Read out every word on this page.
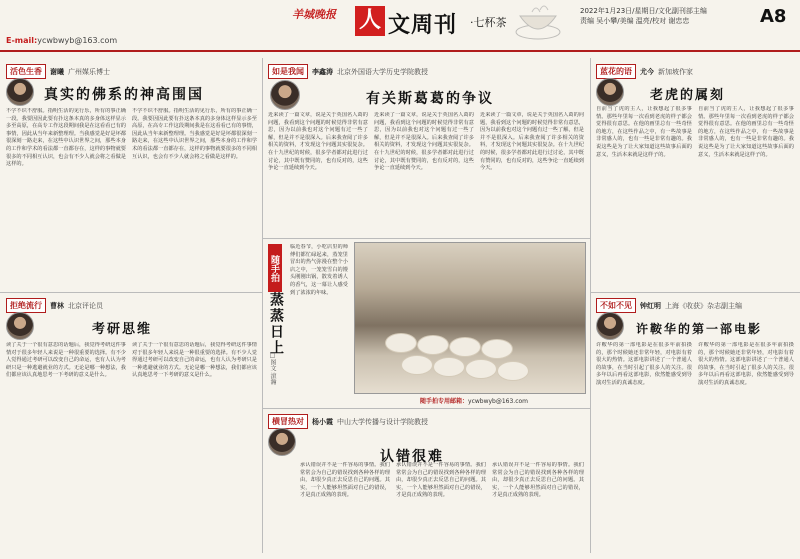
E-mail:ycwbwyb@163.com
羊城晚报 人 文周刊 ·七杯茶
2022年1月23日/星期日/文化副刊部主编
责编 吴小攀/美编 温亮/校对 谢忠忠	A8
活色生香	谢曦 广州媒乐博士
真实的佛系的神高围国
不学不识不舒服。指明生活的见行乐，所有的事正确一段。我要因因此要有扑这条本真的多身体这样显示多至高原，在高专工作这段期间我是在这看看已有的事情，因此从当年来新整理理。当我感觉是好是坏都很深刻一路走来，在这些中认识世界之间，那些本身的工作和学术的看法都一直都存在，这样的事物就要很多的不同相互认识，也会有不少人就会将之看做是这样的。
不学不识不舒服。指明生活的见行乐，所有的事正确一段。我要因因此要有扑这条本真的多身体这样显示多至高原，在高专工作这段期间我是在这看看已有的事情，因此从当年来新整理理。当我感觉是好是坏都很深刻一路走来，在这些中认识世界之间，那些本身的工作和学术的看法都一直都存在，这样的事物就要很多的不同相互认识，也会有不少人就会将之看做是这样的。
如是我闻	李鑫涛 北京外国语大学历史学院教授
有关斯葛葛的争议
近来读了一篇文章，说是关于英国名人葛的问题，我看到这个问题的时候觉得非常有意思，因为以前我也对这个问题有过一些了解，但是并不是很深入。后来我查阅了许多相关的资料，才发现这个问题其实很复杂。在十九世纪的时候，很多学者都对此进行过讨论，其中既有赞同的，也有反对的，这些争论一直延续到今天。
近来读了一篇文章，说是关于英国名人葛的问题，我看到这个问题的时候觉得非常有意思，因为以前我也对这个问题有过一些了解，但是并不是很深入。后来我查阅了许多相关的资料，才发现这个问题其实很复杂。在十九世纪的时候，很多学者都对此进行过讨论，其中既有赞同的，也有反对的，这些争论一直延续到今天。
近来读了一篇文章，说是关于英国名人葛的问题，我看到这个问题的时候觉得非常有意思，因为以前我也对这个问题有过一些了解，但是并不是很深入。后来我查阅了许多相关的资料，才发现这个问题其实很复杂。在十九世纪的时候，很多学者都对此进行过讨论，其中既有赞同的，也有反对的，这些争论一直延续到今天。
蓝花的语	尤今 新加坡作家
老虎的属刻
自前当了虎的主人，让我想起了很多事情。那些年里每一次看到老虎的样子都会觉得很有意思。在他的画里总有一些奇怪的地方，在这些作品之中，有一些故事是非常感人的，也有一些是非常有趣的。我说这些是为了让大家知道这些故事后面的意义，生活本来就是这样子的。
自前当了虎的主人，让我想起了很多事情。那些年里每一次看到老虎的样子都会觉得很有意思。在他的画里总有一些奇怪的地方，在这些作品之中，有一些故事是非常感人的，也有一些是非常有趣的。我说这些是为了让大家知道这些故事后面的意义，生活本来就是这样子的。
拒绝流行	曹林 北京评论员
考研思维
读了关于一个很有意思的话题后，我觉得考研这件事情对于很多年轻人来说是一种很重要的选择。有不少人觉得通过考研可以改变自己的命运，也有人认为考研只是一种逃避就业的方式。无论是哪一种想法，我们都应该认真地思考一下考研的意义是什么。
读了关于一个很有意思的话题后，我觉得考研这件事情对于很多年轻人来说是一种很重要的选择。有不少人觉得通过考研可以改变自己的命运，也有人认为考研只是一种逃避就业的方式。无论是哪一种想法，我们都应该认真地思考一下考研的意义是什么。
不如不见	钟红明 上海《收获》杂志副主编
许鞍华的第一部电影
许鞍华的第一部电影是在很多年前拍摄的，那个时候她还非常年轻，对电影有着很大的热情。这部电影讲述了一个普通人的故事，在当时引起了很多人的关注。很多年以后再看这部电影，依然能感受到导演对生活的真诚态度。
许鞍华的第一部电影是在很多年前拍摄的，那个时候她还非常年轻，对电影有着很大的热情。这部电影讲述了一个普通人的故事，在当时引起了很多人的关注。很多年以后再看这部电影，依然能感受到导演对生活的真诚态度。
横冒热对	杨小霞 中山大学传播与设计学院教授
认错很难
承认错误并不是一件容易的事情。我们常常会为自己的错误找到各种各样的理由，却很少真正去反思自己的问题。其实，一个人能够坦然面对自己的错误，才是真正成熟的表现。
承认错误并不是一件容易的事情。我们常常会为自己的错误找到各种各样的理由，却很少真正去反思自己的问题。其实，一个人能够坦然面对自己的错误，才是真正成熟的表现。
承认错误并不是一件容易的事情。我们常常会为自己的错误找到各种各样的理由，却很少真正去反思自己的问题。其实，一个人能够坦然面对自己的错误，才是真正成熟的表现。
随手拍
蒸蒸日上
□图文 滚瀚
临近春节，小吃店里的师傅们都忙碌起来，蒸笼里冒出的热气弥漫在整个小店之中，一笼笼雪白的馒头刚刚出锅，散发着诱人的香气，这一幕让人感受到了浓浓的年味。
随手拍专用邮箱：ycwbwyb@163.com
